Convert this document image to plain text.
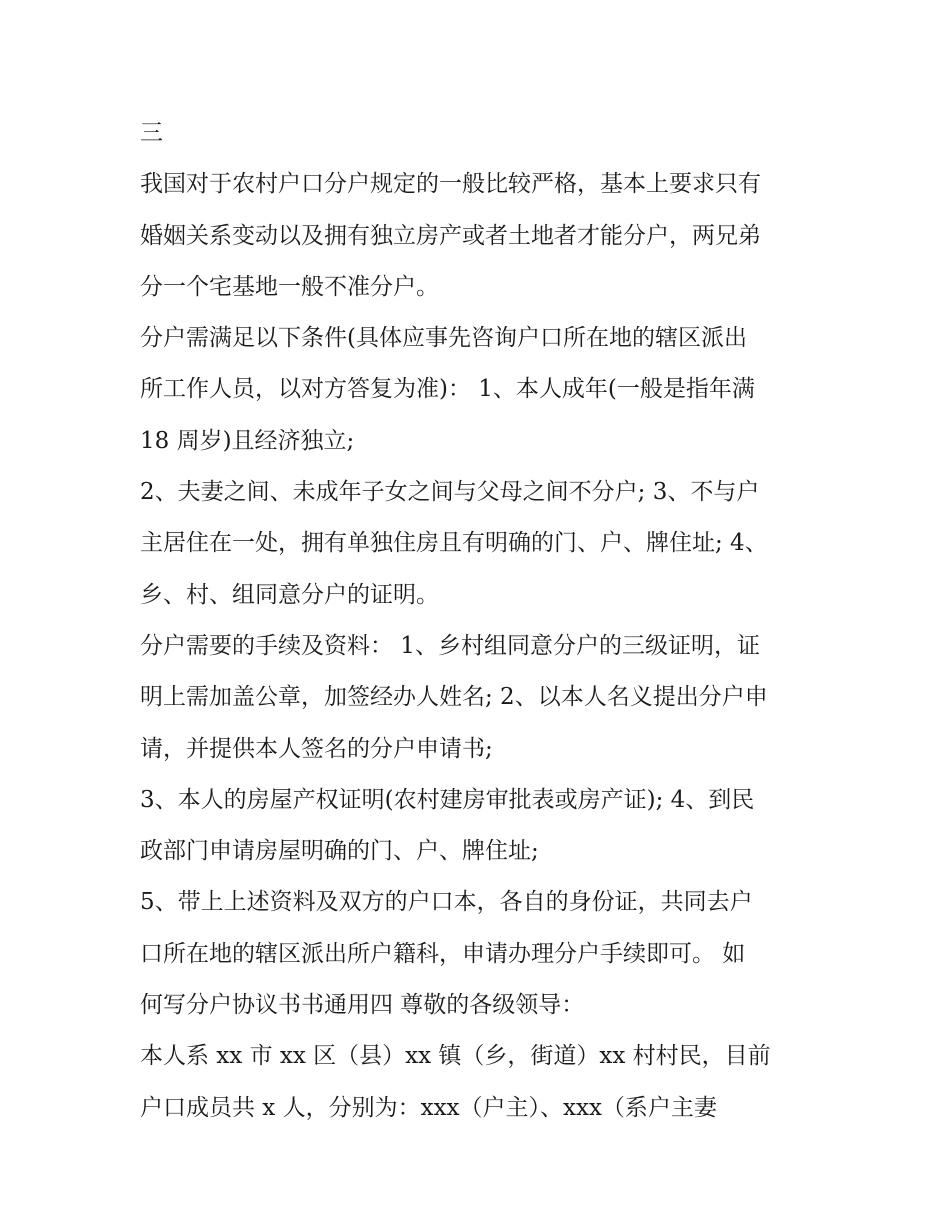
三
我国对于农村户口分户规定的一般比较严格，基本上要求只有
婚姻关系变动以及拥有独立房产或者土地者才能分户，两兄弟
分一个宅基地一般不准分户。
分户需满足以下条件(具体应事先咨询户口所在地的辖区派出
所工作人员，以对方答复为准)： 1、本人成年(一般是指年满
18 周岁)且经济独立;
2、夫妻之间、未成年子女之间与父母之间不分户; 3、不与户
主居住在一处，拥有单独住房且有明确的门、户、牌住址; 4、
乡、村、组同意分户的证明。
分户需要的手续及资料： 1、乡村组同意分户的三级证明，证
明上需加盖公章，加签经办人姓名; 2、以本人名义提出分户申
请，并提供本人签名的分户申请书;
3、本人的房屋产权证明(农村建房审批表或房产证); 4、到民
政部门申请房屋明确的门、户、牌住址;
5、带上上述资料及双方的户口本，各自的身份证，共同去户
口所在地的辖区派出所户籍科，申请办理分户手续即可。 如
何写分户协议书书通用四 尊敬的各级领导：
本人系 xx 市 xx 区（县）xx 镇（乡，街道）xx 村村民，目前
户口成员共 x 人，分别为：xxx（户主）、xxx（系户主妻
